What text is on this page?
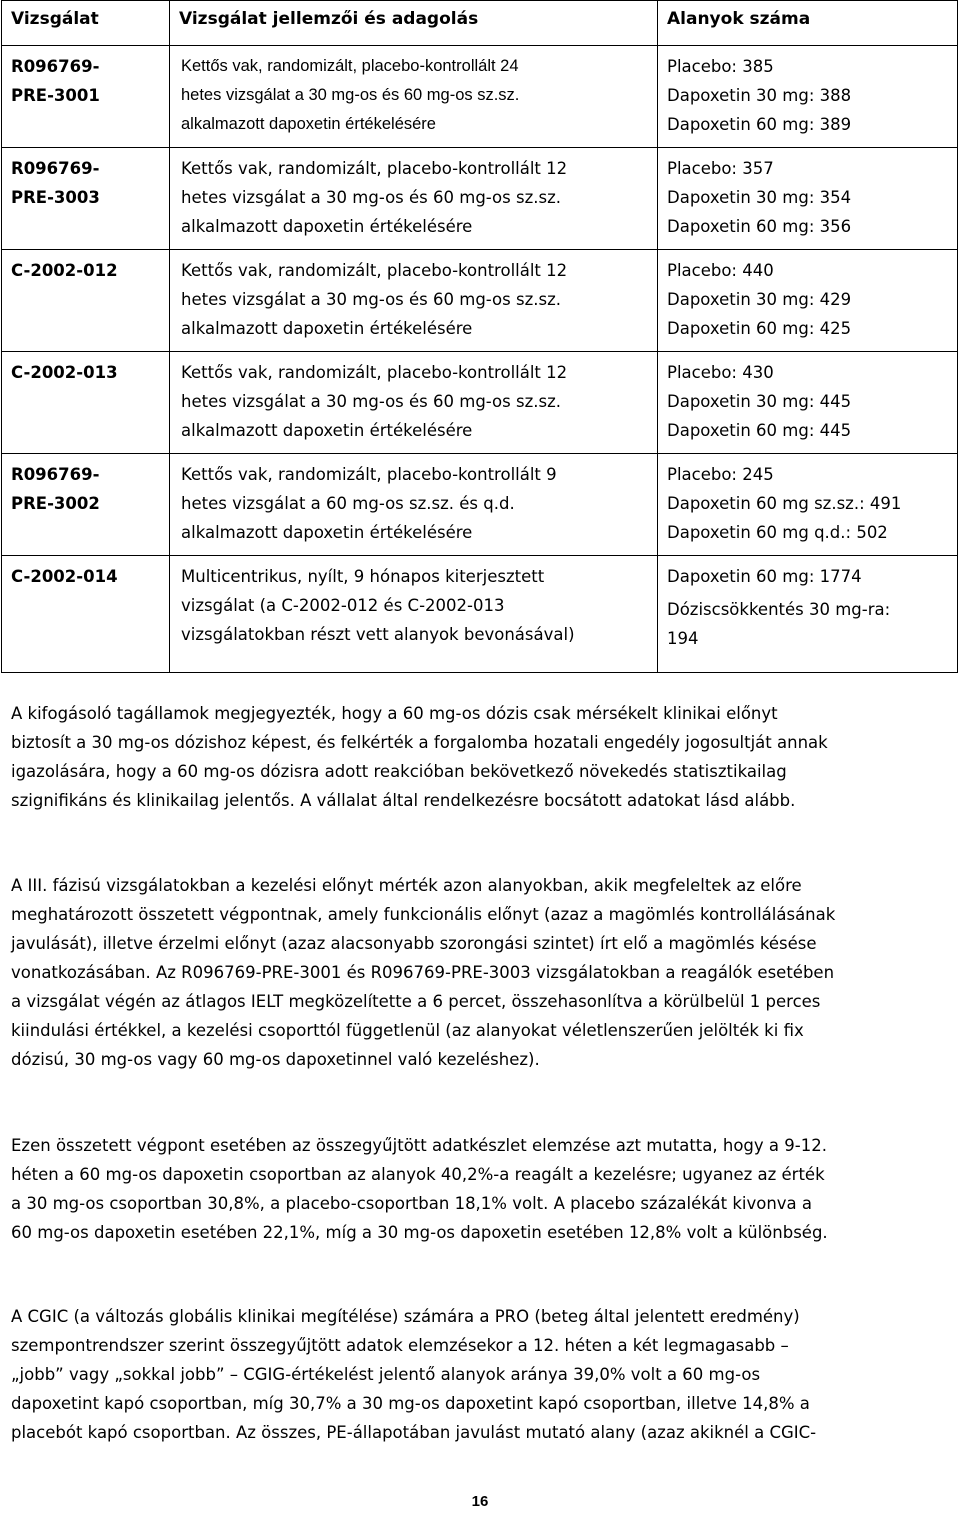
Vizsgálat	Vizsgálat jellemzői és adagolás	Alanyok száma

R096769-
PRE-3001	Kettős vak, randomizált, placebo-kontrollált 24
hetes vizsgálat a 30 mg-os és 60 mg-os sz.sz.
alkalmazott dapoxetin értékelésére	Placebo: 385
Dapoxetin 30 mg: 388
Dapoxetin 60 mg: 389

R096769-
PRE-3003	Kettős vak, randomizált, placebo-kontrollált 12
hetes vizsgálat a 30 mg-os és 60 mg-os sz.sz.
alkalmazott dapoxetin értékelésére	Placebo: 357
Dapoxetin 30 mg: 354
Dapoxetin 60 mg: 356

C-2002-012	Kettős vak, randomizált, placebo-kontrollált 12
hetes vizsgálat a 30 mg-os és 60 mg-os sz.sz.
alkalmazott dapoxetin értékelésére	Placebo: 440
Dapoxetin 30 mg: 429
Dapoxetin 60 mg: 425

C-2002-013	Kettős vak, randomizált, placebo-kontrollált 12
hetes vizsgálat a 30 mg-os és 60 mg-os sz.sz.
alkalmazott dapoxetin értékelésére	Placebo: 430
Dapoxetin 30 mg: 445
Dapoxetin 60 mg: 445

R096769-
PRE-3002	Kettős vak, randomizált, placebo-kontrollált 9
hetes vizsgálat a 60 mg-os sz.sz. és q.d.
alkalmazott dapoxetin értékelésére	Placebo: 245
Dapoxetin 60 mg sz.sz.: 491
Dapoxetin 60 mg q.d.: 502

C-2002-014	Multicentrikus, nyílt, 9 hónapos kiterjesztett
vizsgálat (a C-2002-012 és C-2002-013
vizsgálatokban részt vett alanyok bevonásával)	Dapoxetin 60 mg: 1774
Dóziscsökkentés 30 mg-ra:
194
A kifogásoló tagállamok megjegyezték, hogy a 60 mg-os dózis csak mérsékelt klinikai előnyt
biztosít a 30 mg-os dózishoz képest, és felkérték a forgalomba hozatali engedély jogosultját annak
igazolására, hogy a 60 mg-os dózisra adott reakcióban bekövetkező növekedés statisztikailag
szignifikáns és klinikailag jelentős. A vállalat által rendelkezésre bocsátott adatokat lásd alább.
A III. fázisú vizsgálatokban a kezelési előnyt mérték azon alanyokban, akik megfeleltek az előre
meghatározott összetett végpontnak, amely funkcionális előnyt (azaz a magömlés kontrollálásának
javulását), illetve érzelmi előnyt (azaz alacsonyabb szorongási szintet) írt elő a magömlés késése
vonatkozásában. Az R096769-PRE-3001 és R096769-PRE-3003 vizsgálatokban a reagálók esetében
a vizsgálat végén az átlagos IELT megközelítette a 6 percet, összehasonlítva a körülbelül 1 perces
kiindulási értékkel, a kezelési csoporttól függetlenül (az alanyokat véletlenszerűen jelölték ki fix
dózisú, 30 mg-os vagy 60 mg-os dapoxetinnel való kezeléshez).
Ezen összetett végpont esetében az összegyűjtött adatkészlet elemzése azt mutatta, hogy a 9-12.
héten a 60 mg-os dapoxetin csoportban az alanyok 40,2%-a reagált a kezelésre; ugyanez az érték
a 30 mg-os csoportban 30,8%, a placebo-csoportban 18,1% volt. A placebo százalékát kivonva a
60 mg-os dapoxetin esetében 22,1%, míg a 30 mg-os dapoxetin esetében 12,8% volt a különbség.
A CGIC (a változás globális klinikai megítélése) számára a PRO (beteg által jelentett eredmény)
szempontrendszer szerint összegyűjtött adatok elemzésekor a 12. héten a két legmagasabb –
„jobb” vagy „sokkal jobb” – CGIG-értékelést jelentő alanyok aránya 39,0% volt a 60 mg-os
dapoxetint kapó csoportban, míg 30,7% a 30 mg-os dapoxetint kapó csoportban, illetve 14,8% a
placebót kapó csoportban. Az összes, PE-állapotában javulást mutató alany (azaz akiknél a CGIC-
16
